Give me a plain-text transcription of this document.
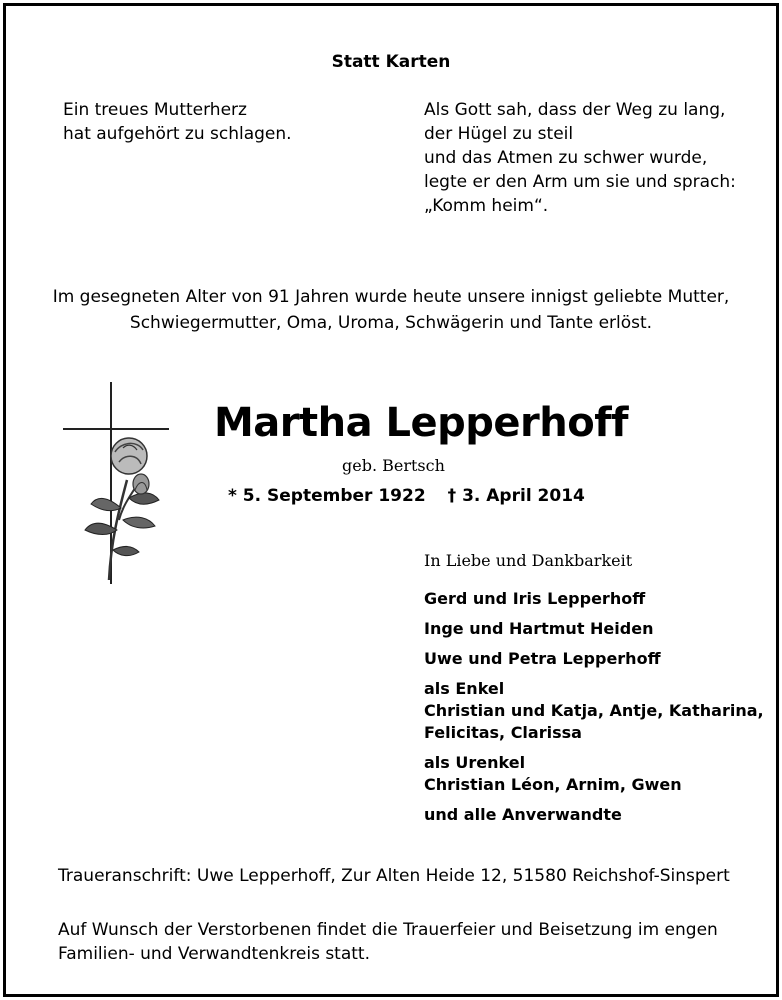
Statt Karten
Ein treues Mutterherz
hat aufgehört zu schlagen.
Als Gott sah, dass der Weg zu lang,
der Hügel zu steil
und das Atmen zu schwer wurde,
legte er den Arm um sie und sprach:
„Komm heim“.
Im gesegneten Alter von 91 Jahren wurde heute unsere innigst geliebte Mutter,
Schwiegermutter, Oma, Uroma, Schwägerin und Tante erlöst.
Martha Lepperhoff
geb. Bertsch
* 5. September 1922 † 3. April 2014
In Liebe und Dankbarkeit
Gerd und Iris Lepperhoff
Inge und Hartmut Heiden
Uwe und Petra Lepperhoff
als Enkel
Christian und Katja, Antje, Katharina,
Felicitas, Clarissa
als Urenkel
Christian Léon, Arnim, Gwen
und alle Anverwandte
Traueranschrift: Uwe Lepperhoff, Zur Alten Heide 12, 51580 Reichshof-Sinspert
Auf Wunsch der Verstorbenen findet die Trauerfeier und Beisetzung im engen
Familien- und Verwandtenkreis statt.
